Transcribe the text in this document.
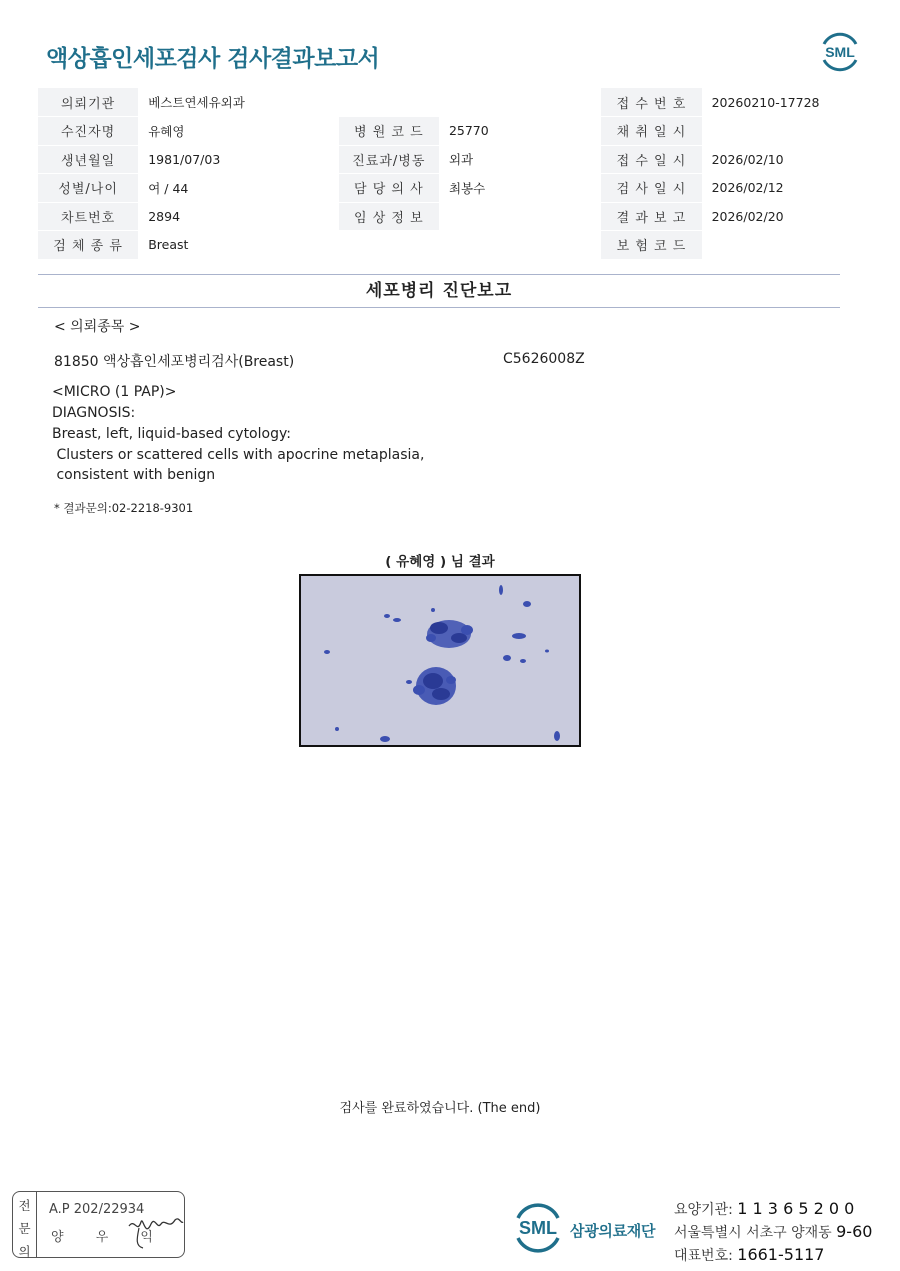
액상흡인세포검사 검사결과보고서	SML
의뢰기관	베스트연세유외과			접 수 번 호	20260210-17728
수진자명	유혜영	병 원 코 드	25770	채 취 일 시	
생년월일	1981/07/03	진료과/병동	외과	접 수 일 시	2026/02/10
성별/나이	여 / 44	담 당 의 사	최봉수	검 사 일 시	2026/02/12
차트번호	2894	임 상 정 보		결 과 보 고	2026/02/20
검 체 종 류	Breast			보 험 코 드	
세포병리 진단보고
< 의뢰종목 >
81850 액상흡인세포병리검사(Breast)	C5626008Z
<MICRO (1 PAP)>
DIAGNOSIS:
Breast, left, liquid-based cytology:
Clusters or scattered cells with apocrine metaplasia,
consistent with benign
* 결과문의:02-2218-9301
( 유혜영 ) 님 결과
검사를 완료하였습니다. (The end)
전
문
의
A.P 202/22934
양 우 익	SML 삼광의료재단
요양기관: 1 1 3 6 5 2 0 0
서울특별시 서초구 양재동 9-60
대표번호: 1661-5117
